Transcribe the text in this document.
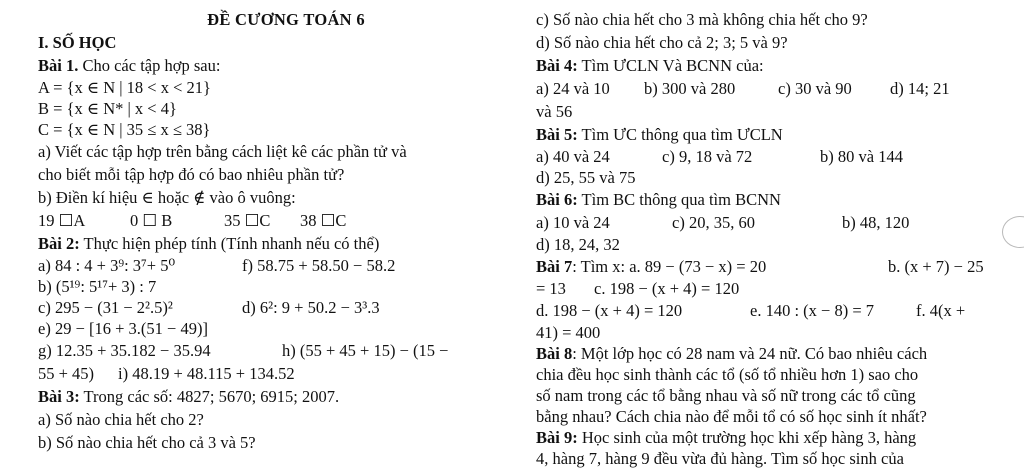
ĐỀ CƯƠNG TOÁN 6
I. SỐ HỌC
Bài 1. Cho các tập hợp sau:
A = {x ∈ N | 18 < x < 21}
B = {x ∈ N* | x < 4}
C = {x ∈ N | 35 ≤ x ≤ 38}
a) Viết các tập hợp trên bằng cách liệt kê các phần tử và
cho biết mỗi tập hợp đó có bao nhiêu phần tử?
b) Điền kí hiệu ∈ hoặc ∉ vào ô vuông:
19 ☐A	0 ☐ B	35 ☐C 38 ☐C
Bài 2: Thực hiện phép tính (Tính nhanh nếu có thể)
a) 84 : 4 + 3⁹: 3⁷+ 5⁰	f) 58.75 + 58.50 − 58.2
b) (5¹⁹: 5¹⁷+ 3) : 7
c) 295 − (31 − 2².5)²	d) 6²: 9 + 50.2 − 3³.3
e) 29 − [16 + 3.(51 − 49)]
g) 12.35 + 35.182 − 35.94	h) (55 + 45 + 15) − (15 −
55 + 45) i) 48.19 + 48.115 + 134.52
Bài 3: Trong các số: 4827; 5670; 6915; 2007.
a) Số nào chia hết cho 2?
b) Số nào chia hết cho cả 3 và 5?
c) Số nào chia hết cho 3 mà không chia hết cho 9?
d) Số nào chia hết cho cả 2; 3; 5 và 9?
Bài 4: Tìm ƯCLN Và BCNN của:
a) 24 và 10 b) 300 và 280	c) 30 và 90 d) 14; 21
và 56
Bài 5: Tìm ƯC thông qua tìm ƯCLN
a) 40 và 24	c) 9, 18 và 72	b) 80 và 144
d) 25, 55 và 75
Bài 6: Tìm BC thông qua tìm BCNN
a) 10 và 24	c) 20, 35, 60	b) 48, 120
d) 18, 24, 32
Bài 7: Tìm x: a. 89 − (73 − x) = 20	b. (x + 7) − 25
= 13 c. 198 − (x + 4) = 120
d. 198 − (x + 4) = 120	e. 140 : (x − 8) = 7	f. 4(x +
41) = 400
Bài 8: Một lớp học có 28 nam và 24 nữ. Có bao nhiêu cách
chia đều học sinh thành các tổ (số tổ nhiều hơn 1) sao cho
số nam trong các tổ bằng nhau và số nữ trong các tổ cũng
bằng nhau? Cách chia nào để mỗi tổ có số học sinh ít nhất?
Bài 9: Học sinh của một trường học khi xếp hàng 3, hàng
4, hàng 7, hàng 9 đều vừa đủ hàng. Tìm số học sinh của
